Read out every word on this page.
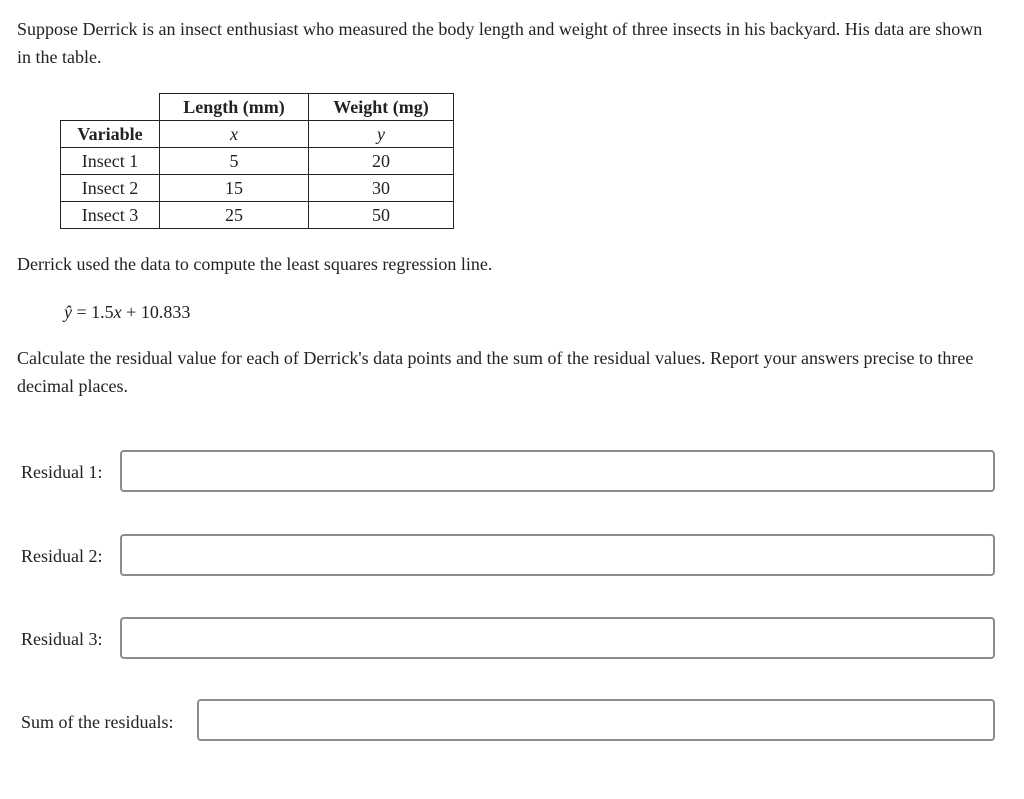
Suppose Derrick is an insect enthusiast who measured the body length and weight of three insects in his backyard. His data are shown in the table.

	Length (mm)	Weight (mg)
Variable	x	y
Insect 1	5	20
Insect 2	15	30
Insect 3	25	50

Derrick used the data to compute the least squares regression line.

ŷ = 1.5x + 10.833

Calculate the residual value for each of Derrick's data points and the sum of the residual values. Report your answers precise to three decimal places.

Residual 1:

Residual 2:

Residual 3:

Sum of the residuals:
